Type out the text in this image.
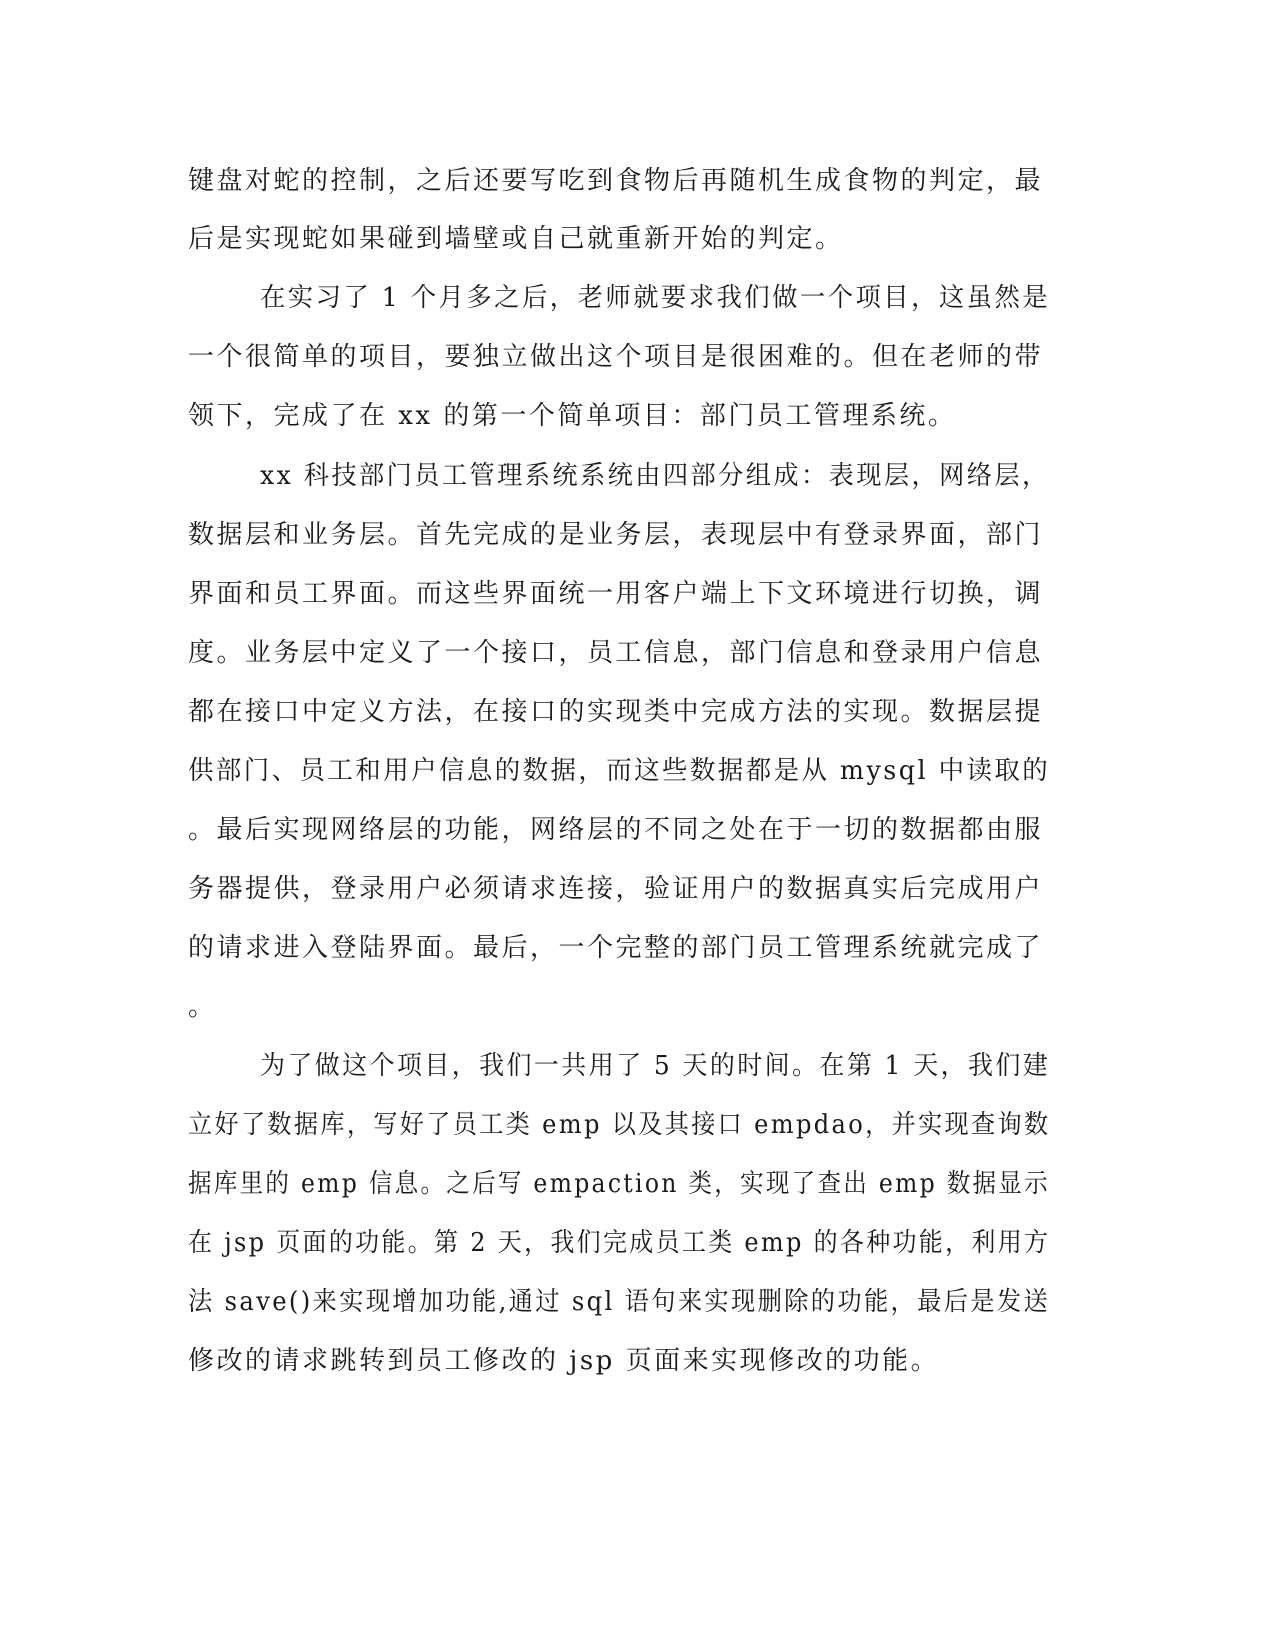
键盘对蛇的控制，之后还要写吃到食物后再随机生成食物的判定，最
后是实现蛇如果碰到墙壁或自己就重新开始的判定。
在实习了 1 个月多之后，老师就要求我们做一个项目，这虽然是
一个很简单的项目，要独立做出这个项目是很困难的。但在老师的带
领下，完成了在 xx 的第一个简单项目：部门员工管理系统。
xx 科技部门员工管理系统系统由四部分组成：表现层，网络层，
数据层和业务层。首先完成的是业务层，表现层中有登录界面，部门
界面和员工界面。而这些界面统一用客户端上下文环境进行切换，调
度。业务层中定义了一个接口，员工信息，部门信息和登录用户信息
都在接口中定义方法，在接口的实现类中完成方法的实现。数据层提
供部门、员工和用户信息的数据，而这些数据都是从 mysql 中读取的
。最后实现网络层的功能，网络层的不同之处在于一切的数据都由服
务器提供，登录用户必须请求连接，验证用户的数据真实后完成用户
的请求进入登陆界面。最后，一个完整的部门员工管理系统就完成了
。
为了做这个项目，我们一共用了 5 天的时间。在第 1 天，我们建
立好了数据库，写好了员工类 emp 以及其接口 empdao，并实现查询数
据库里的 emp 信息。之后写 empaction 类，实现了查出 emp 数据显示
在 jsp 页面的功能。第 2 天，我们完成员工类 emp 的各种功能，利用方
法 save()来实现增加功能,通过 sql 语句来实现删除的功能，最后是发送
修改的请求跳转到员工修改的 jsp 页面来实现修改的功能。
